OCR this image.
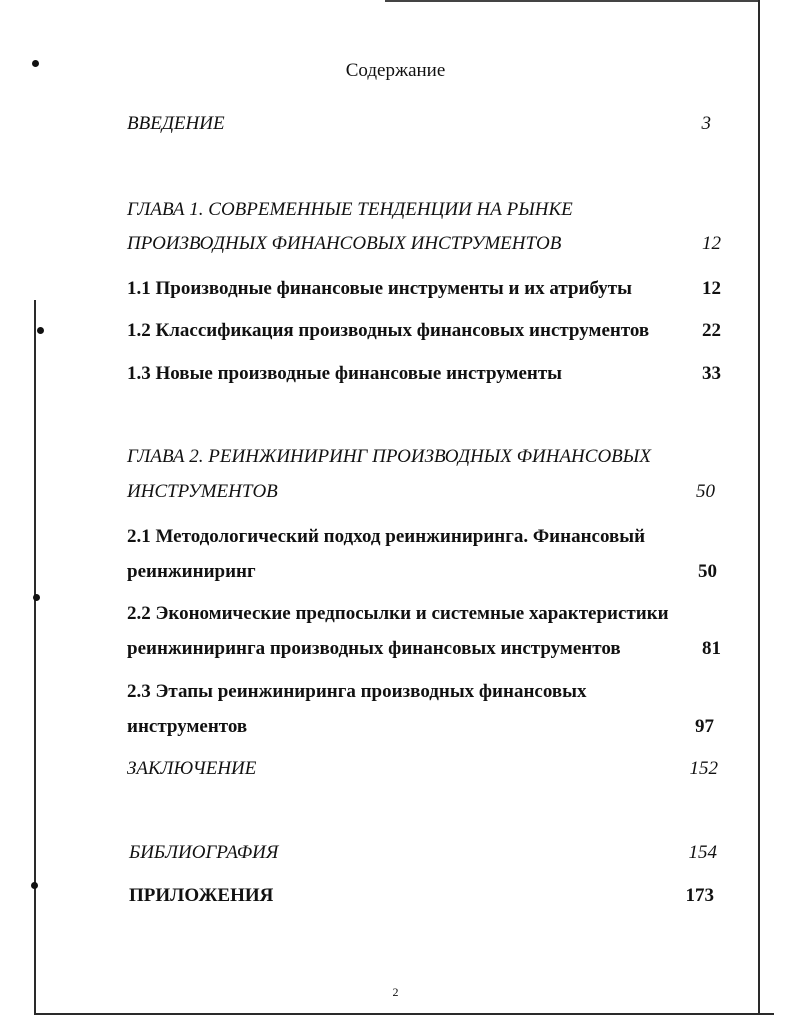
Содержание
ВВЕДЕНИЕ	3
ГЛАВА 1. СОВРЕМЕННЫЕ ТЕНДЕНЦИИ НА РЫНКЕ
ПРОИЗВОДНЫХ ФИНАНСОВЫХ ИНСТРУМЕНТОВ	12
1.1 Производные финансовые инструменты и их атрибуты	12
1.2 Классификация производных финансовых инструментов	22
1.3 Новые производные финансовые инструменты	33
ГЛАВА 2. РЕИНЖИНИРИНГ ПРОИЗВОДНЫХ ФИНАНСОВЫХ
ИНСТРУМЕНТОВ	50
2.1 Методологический подход реинжиниринга. Финансовый
реинжиниринг	50
2.2 Экономические предпосылки и системные характеристики
реинжиниринга производных финансовых инструментов	81
2.3 Этапы реинжиниринга производных финансовых
инструментов	97
ЗАКЛЮЧЕНИЕ	152
БИБЛИОГРАФИЯ	154
ПРИЛОЖЕНИЯ	173
2
